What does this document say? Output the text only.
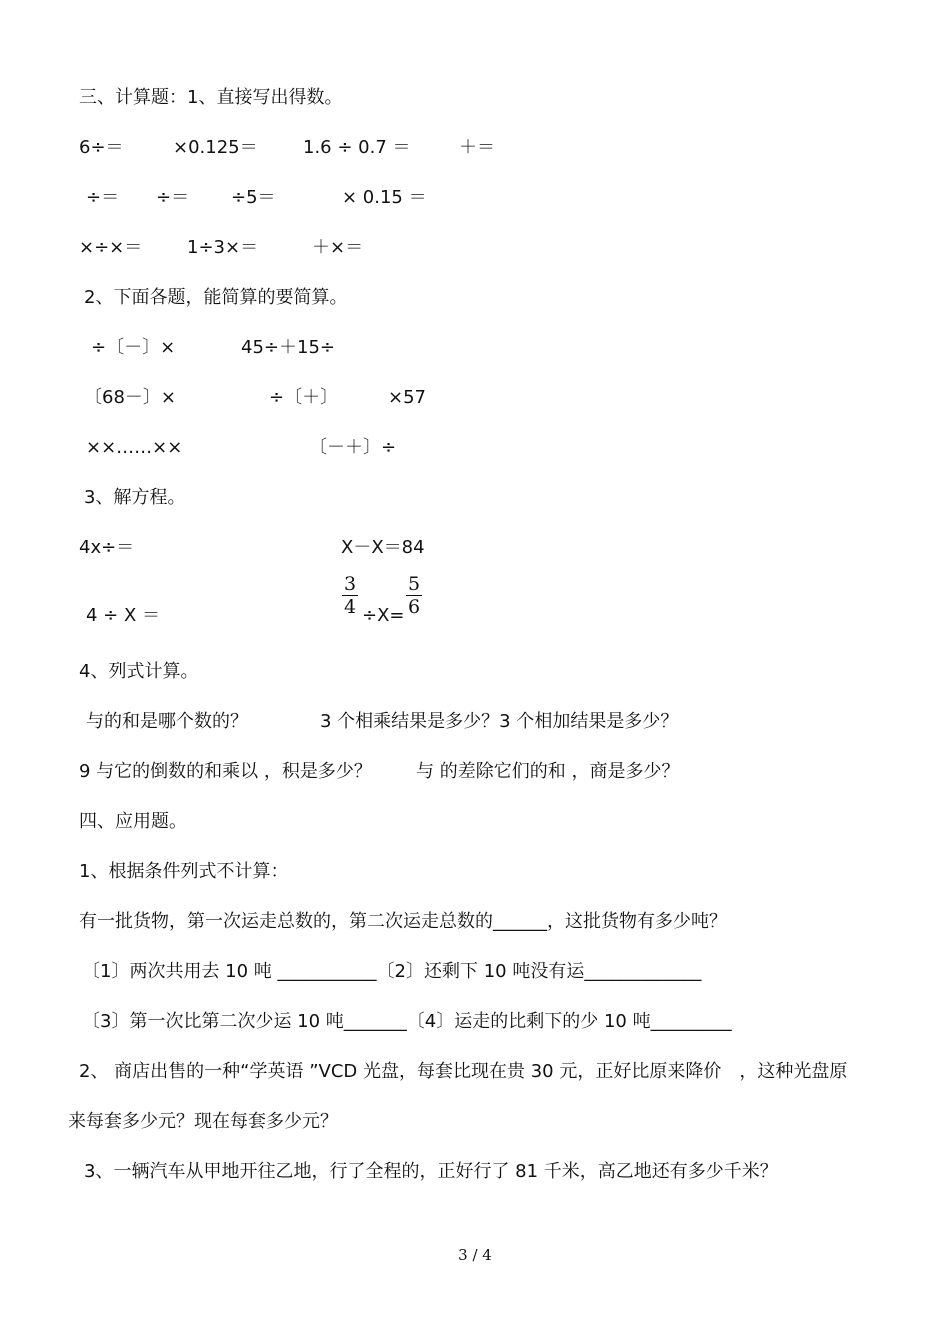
三、计算题：1、直接写出得数。
6÷＝	×0.125＝	1.6 ÷ 0.7 ＝	＋＝
÷＝ ÷＝ ÷5＝	× 0.15 ＝
×÷×＝ 1÷3×＝	＋×＝
2、下面各题，能简算的要简算。
÷〔－〕×	45÷＋15÷
〔68－〕×	÷〔＋〕	×57
××……××	〔－＋〕÷
3、解方程。
4x÷＝	X－X＝84
4 ÷ X ＝	$\frac{3}{4} \div X= \frac{5}{6}$
4、列式计算。
与的和是哪个数的？	3 个相乘结果是多少？3 个相加结果是多少？
9 与它的倒数的和乘以 ，积是多少？ 与 的差除它们的和 ，商是多少？
四、应用题。
1、根据条件列式不计算：
有一批货物，第一次运走总数的，第二次运走总数的______，这批货物有多少吨？
〔1〕两次共用去 10 吨 ___________〔2〕还剩下 10 吨没有运_____________
〔3〕第一次比第二次少运 10 吨_______〔4〕运走的比剩下的少 10 吨_________
2、 商店出售的一种“学英语 ”VCD 光盘，每套比现在贵 30 元，正好比原来降价　，这种光盘原
来每套多少元？现在每套多少元？
3、一辆汽车从甲地开往乙地，行了全程的，正好行了 81 千米，高乙地还有多少千米？
3 / 4
